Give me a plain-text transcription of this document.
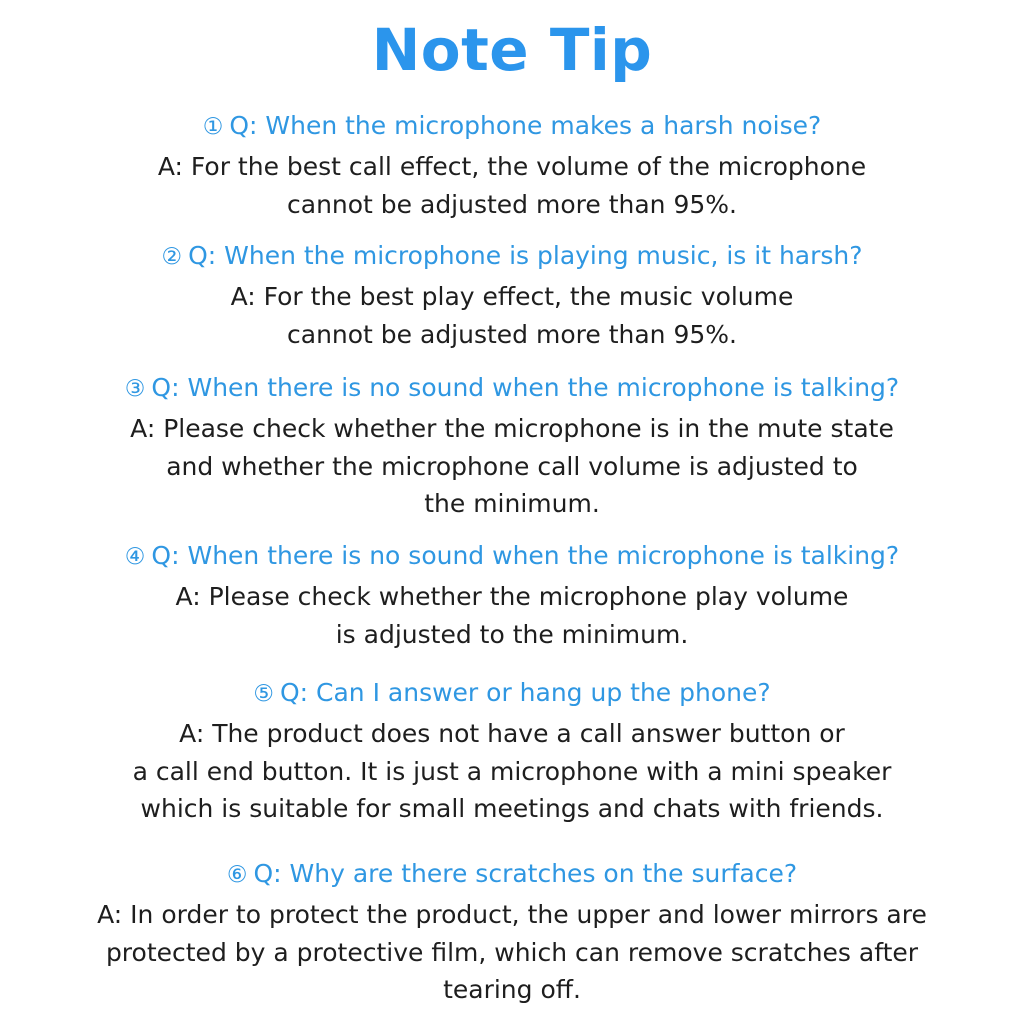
Note Tip
① Q: When the microphone makes a harsh noise?
A: For the best call effect, the volume of the microphone
cannot be adjusted more than 95%.
② Q: When the microphone is playing music, is it harsh?
A: For the best play effect, the music volume
cannot be adjusted more than 95%.
③ Q: When there is no sound when the microphone is talking?
A: Please check whether the microphone is in the mute state
and whether the microphone call volume is adjusted to
the minimum.
④ Q: When there is no sound when the microphone is talking?
A: Please check whether the microphone play volume
is adjusted to the minimum.
⑤ Q: Can I answer or hang up the phone?
A: The product does not have a call answer button or
a call end button. It is just a microphone with a mini speaker
which is suitable for small meetings and chats with friends.
⑥ Q: Why are there scratches on the surface?
A: In order to protect the product, the upper and lower mirrors are
protected by a protective film, which can remove scratches after
tearing off.
